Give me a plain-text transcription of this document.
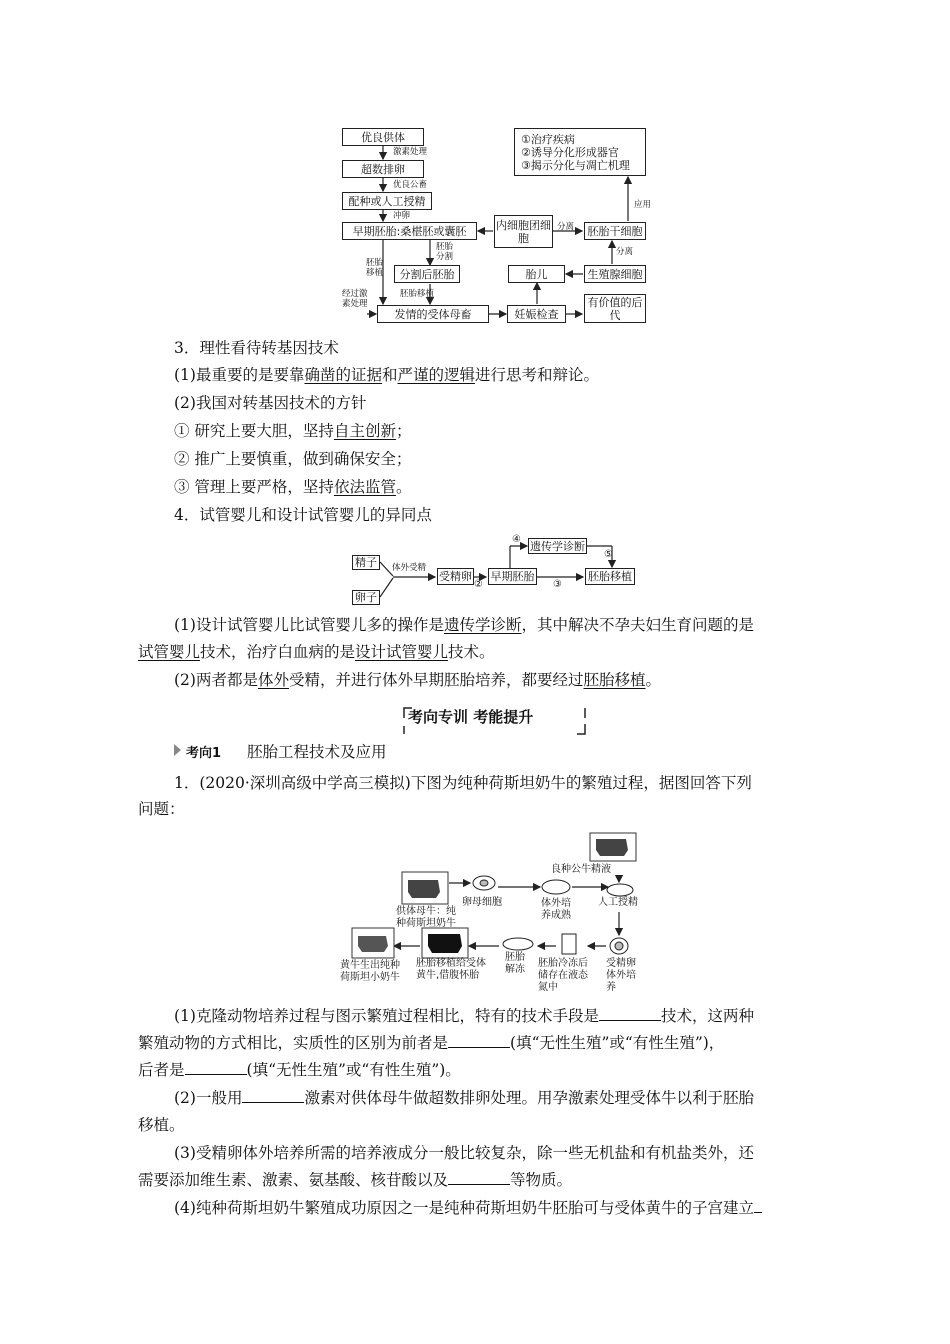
优良供体
激素处理
超数排卵
优良公畜
配种或人工授精
冲卵
早期胚胎:桑椹胚或囊胚
胚胎分割
胚胎移植	分割后胚胎
胚胎移植
经过激素处理
发情的受体母畜	妊娠检查
有价值的后代
内细胞团细胞
分离	胚胎干细胞
应用
分离
胎儿	生殖腺细胞
①治疗疾病
②诱导分化形成器官
③揭示分化与凋亡机理
3．理性看待转基因技术
(1)最重要的是要靠确凿的证据和严谨的逻辑进行思考和辩论。
(2)我国对转基因技术的方针
① 研究上要大胆，坚持自主创新；
② 推广上要慎重，做到确保安全；
③ 管理上要严格，坚持依法监管。
4．试管婴儿和设计试管婴儿的异同点
精子
卵子
体外受精
受精卵
②
早期胚胎
④ 遗传学诊断
⑤
③
胚胎移植
(1)设计试管婴儿比试管婴儿多的操作是遗传学诊断，其中解决不孕夫妇生育问题的是
试管婴儿技术，治疗白血病的是设计试管婴儿技术。
(2)两者都是体外受精，并进行体外早期胚胎培养，都要经过胚胎移植。
考向专训 考能提升
考向1 胚胎工程技术及应用
1．(2020·深圳高级中学高三模拟)下图为纯种荷斯坦奶牛的繁殖过程，据图回答下列
问题：
供体母牛：纯种荷斯坦奶牛
卵母细胞	体外培养成熟
良种公牛精液
人工授精
受精卵体外培养
胚胎冷冻后储存在液态氮中
胚胎解冻
胚胎移植给受体黄牛,借腹怀胎
黄牛生出纯种荷斯坦小奶牛
(1)克隆动物培养过程与图示繁殖过程相比，特有的技术手段是	技术，这两种
繁殖动物的方式相比，实质性的区别为前者是	(填“无性生殖”或“有性生殖”)，
后者是	(填“无性生殖”或“有性生殖”)。
(2)一般用	激素对供体母牛做超数排卵处理。用孕激素处理受体牛以利于胚胎
移植。
(3)受精卵体外培养所需的培养液成分一般比较复杂，除一些无机盐和有机盐类外，还
需要添加维生素、激素、氨基酸、核苷酸以及	等物质。
(4)纯种荷斯坦奶牛繁殖成功原因之一是纯种荷斯坦奶牛胚胎可与受体黄牛的子宫建立
